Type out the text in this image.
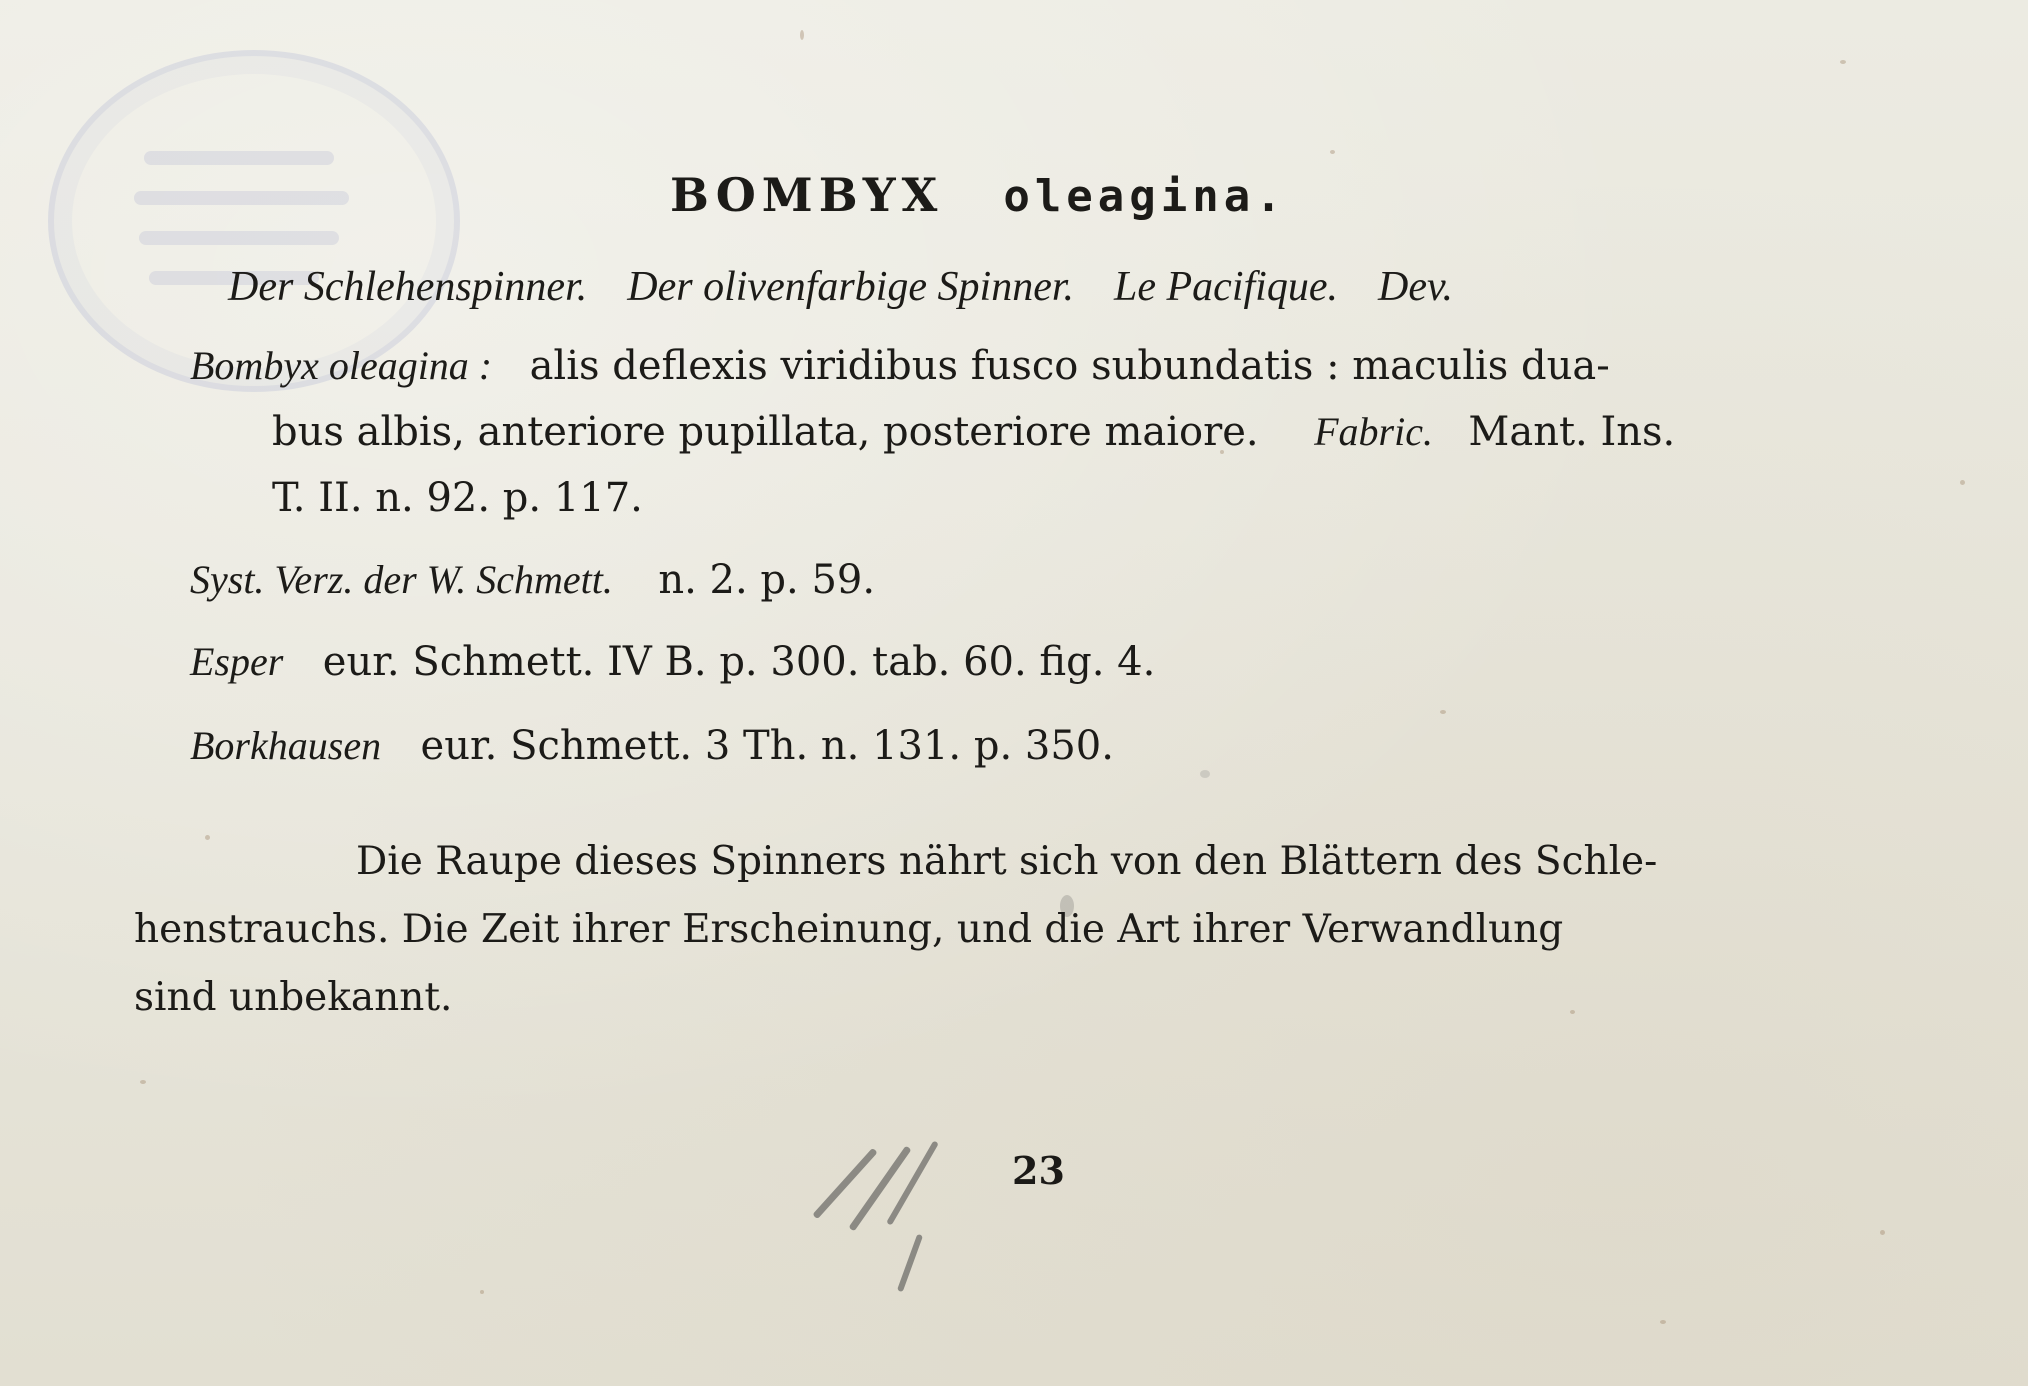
BOMBYX oleagina.
Der Schlehenspinner. Der olivenfarbige Spinner. Le Pacifique. Dev.
Bombyx oleagina : alis deflexis viridibus fusco subundatis : maculis dua-
bus albis, anteriore pupillata, posteriore maiore. Fabric. Mant. Ins.
T. II. n. 92. p. 117.
Syst. Verz. der W. Schmett. n. 2. p. 59.
Esper eur. Schmett. IV B. p. 300. tab. 60. fig. 4.
Borkhausen eur. Schmett. 3 Th. n. 131. p. 350.
Die Raupe dieses Spinners nährt sich von den Blättern des Schle-
henstrauchs. Die Zeit ihrer Erscheinung, und die Art ihrer Verwandlung
sind unbekannt.
23
